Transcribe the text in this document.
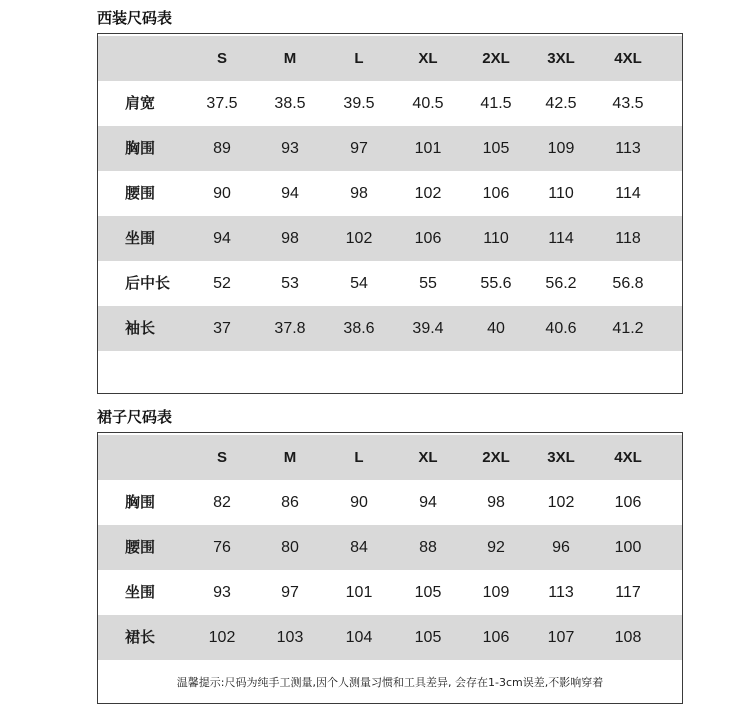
西装尺码表
S	M	L	XL	2XL	3XL	4XL
肩宽	37.5	38.5	39.5	40.5	41.5	42.5	43.5
胸围	89	93	97	101	105	109	113
腰围	90	94	98	102	106	110	114
坐围	94	98	102	106	110	114	118
后中长	52	53	54	55	55.6	56.2	56.8
袖长	37	37.8	38.6	39.4	40	40.6	41.2
裙子尺码表
S	M	L	XL	2XL	3XL	4XL
胸围	82	86	90	94	98	102	106
腰围	76	80	84	88	92	96	100
坐围	93	97	101	105	109	113	117
裙长	102	103	104	105	106	107	108
温馨提示:尺码为纯手工测量,因个人测量习惯和工具差异, 会存在1-3cm误差,不影响穿着
